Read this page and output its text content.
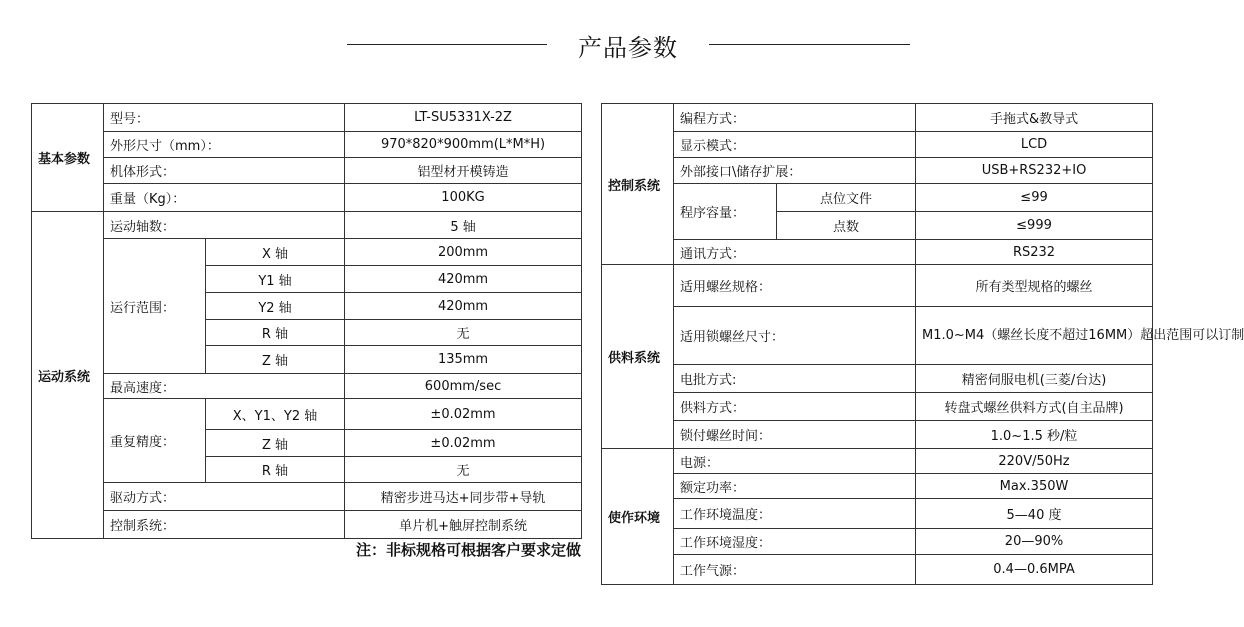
产品参数
基本参数	型号：		LT-SU5331X-2Z
	外形尺寸（mm）：		970*820*900mm(L*M*H)
	机体形式：		铝型材开模铸造
	重量（Kg）：		100KG
运动系统	运动轴数：		5 轴
	运行范围：	X 轴	200mm
		Y1 轴	420mm
		Y2 轴	420mm
		R 轴	无
		Z 轴	135mm
	最高速度：		600mm/sec
	重复精度：	X、Y1、Y2 轴	±0.02mm
		Z 轴	±0.02mm
		R 轴	无
	驱动方式：		精密步进马达+同步带+导轨
	控制系统：		单片机+触屏控制系统
注：非标规格可根据客户要求定做
控制系统	编程方式：		手拖式&教导式
	显示模式：		LCD
	外部接口\储存扩展：		USB+RS232+IO
	程序容量：	点位文件	≤99
		点数	≤999
	通讯方式：		RS232
供料系统	适用螺丝规格：		所有类型规格的螺丝
	适用锁螺丝尺寸：		M1.0~M4（螺丝长度不超过16MM）超出范围可以订制
	电批方式:		精密伺服电机(三菱/台达)
	供料方式：		转盘式螺丝供料方式(自主品牌)
	锁付螺丝时间：		1.0~1.5 秒/粒
使作环境	电源：		220V/50Hz
	额定功率：		Max.350W
	工作环境温度：		5—40 度
	工作环境湿度：		20—90%
	工作气源：		0.4—0.6MPA
